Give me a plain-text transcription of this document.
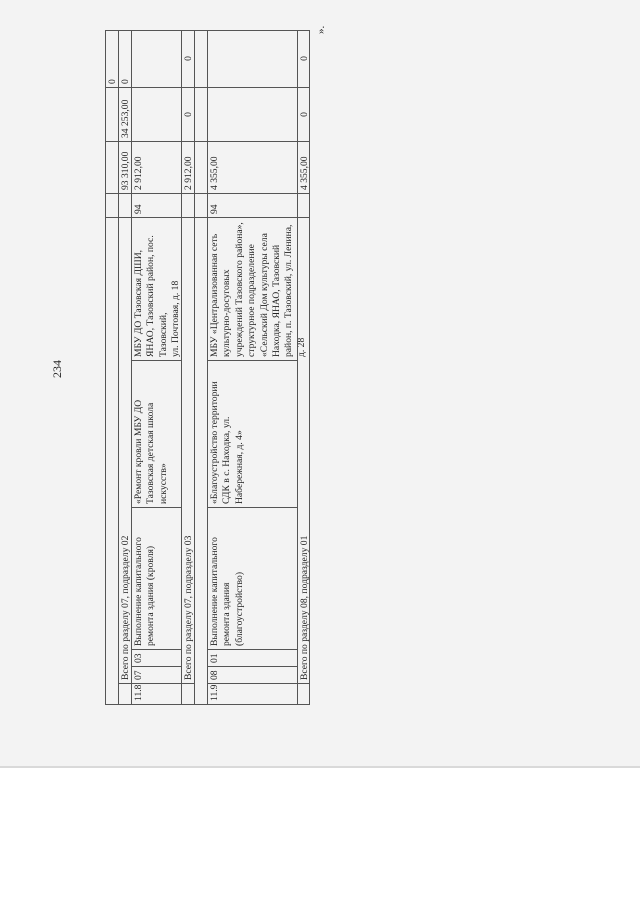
234
0
Всего по разделу 07, подразделу 02
93 310,00
34 253,00
0
11.8
07
03
Выполнение капитального ремонта здания (кровля)
«Ремонт кровли МБУ ДО Тазовская детская школа искусств»
МБУ ДО Тазовская ДШИ, ЯНАО, Тазовский район, пос. Тазовский,
ул. Почтовая, д. 18
94
2 912,00
Всего по разделу 07, подразделу 03
2 912,00
0
0
11.9
08
01
Выполнение капитального ремонта здания (благоустройство)
«Благоустройство территории СДК в с. Находка, ул. Набережная, д. 4»
МБУ «Централизованная сеть культурно-досуговых учреждений Тазовского района», структурное подразделение «Сельский Дом культуры села Находка, ЯНАО, Тазовский район, п. Тазовский, ул. Ленина, д. 28
94
4 355,00
Всего по разделу 08, подразделу 01
4 355,00
0
0
».
